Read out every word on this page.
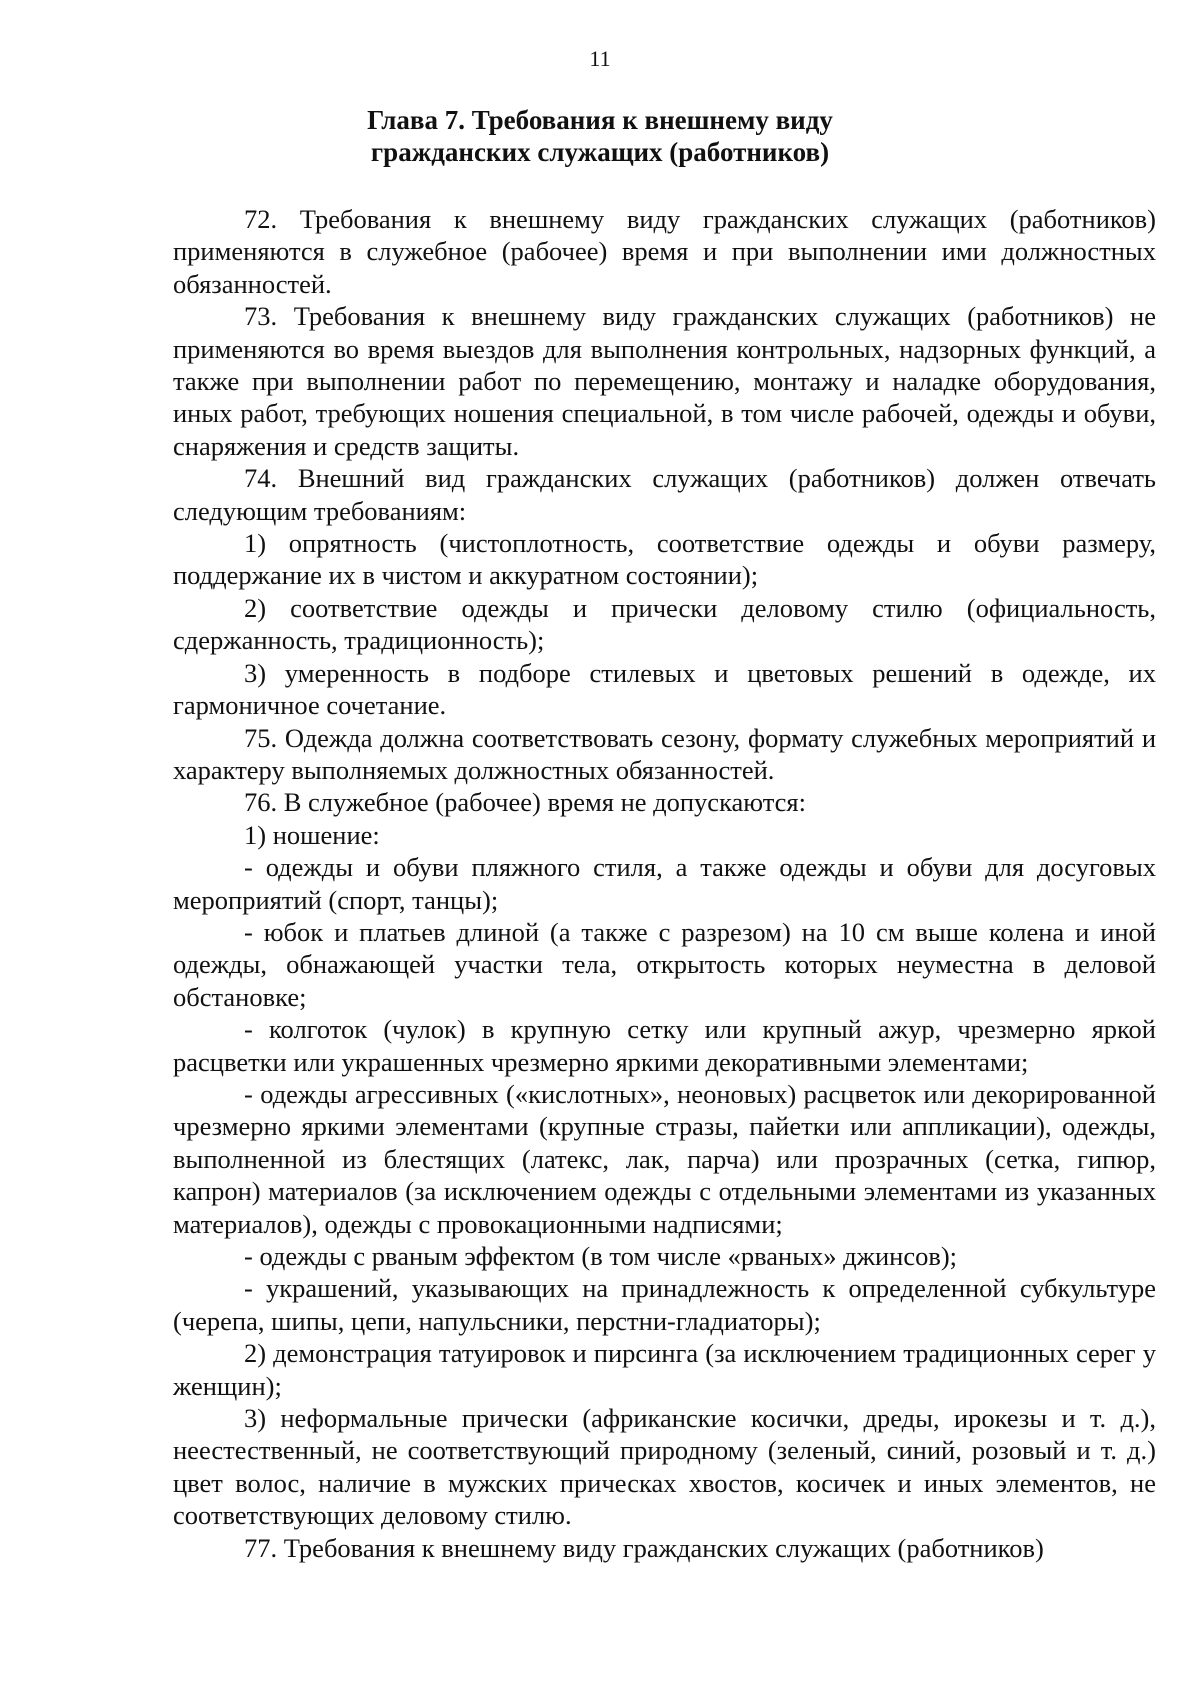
11
Глава 7. Требования к внешнему виду
гражданских служащих (работников)

72. Требования к внешнему виду гражданских служащих (работников) применяются в служебное (рабочее) время и при выполнении ими должностных обязанностей.

73. Требования к внешнему виду гражданских служащих (работников) не применяются во время выездов для выполнения контрольных, надзорных функций, а также при выполнении работ по перемещению, монтажу и наладке оборудования, иных работ, требующих ношения специальной, в том числе рабочей, одежды и обуви, снаряжения и средств защиты.

74. Внешний вид гражданских служащих (работников) должен отвечать следующим требованиям:

1) опрятность (чистоплотность, соответствие одежды и обуви размеру, поддержание их в чистом и аккуратном состоянии);

2) соответствие одежды и прически деловому стилю (официальность, сдержанность, традиционность);

3) умеренность в подборе стилевых и цветовых решений в одежде, их гармоничное сочетание.

75. Одежда должна соответствовать сезону, формату служебных мероприятий и характеру выполняемых должностных обязанностей.

76. В служебное (рабочее) время не допускаются:

1) ношение:

- одежды и обуви пляжного стиля, а также одежды и обуви для досуговых мероприятий (спорт, танцы);

- юбок и платьев длиной (а также с разрезом) на 10 см выше колена и иной одежды, обнажающей участки тела, открытость которых неуместна в деловой обстановке;

- колготок (чулок) в крупную сетку или крупный ажур, чрезмерно яркой расцветки или украшенных чрезмерно яркими декоративными элементами;

- одежды агрессивных («кислотных», неоновых) расцветок или декорированной чрезмерно яркими элементами (крупные стразы, пайетки или аппликации), одежды, выполненной из блестящих (латекс, лак, парча) или прозрачных (сетка, гипюр, капрон) материалов (за исключением одежды с отдельными элементами из указанных материалов), одежды с провокационными надписями;

- одежды с рваным эффектом (в том числе «рваных» джинсов);

- украшений, указывающих на принадлежность к определенной субкультуре (черепа, шипы, цепи, напульсники, перстни-гладиаторы);

2) демонстрация татуировок и пирсинга (за исключением традиционных серег у женщин);

3) неформальные прически (африканские косички, дреды, ирокезы и т. д.), неестественный, не соответствующий природному (зеленый, синий, розовый и т. д.) цвет волос, наличие в мужских прическах хвостов, косичек и иных элементов, не соответствующих деловому стилю.

77. Требования к внешнему виду гражданских служащих (работников)
